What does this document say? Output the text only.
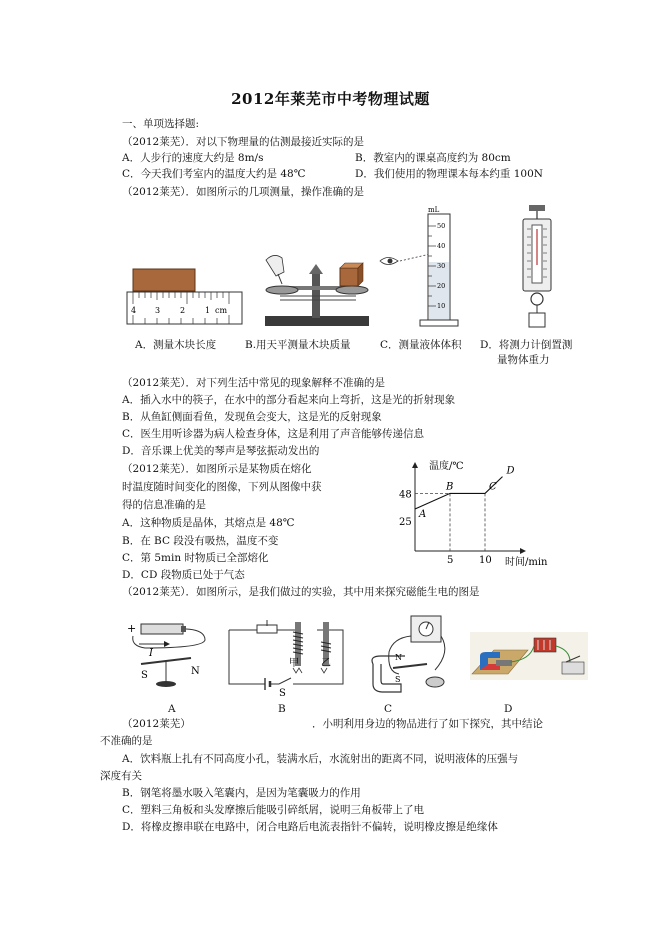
2012年莱芜市中考物理试题
一、单项选择题:
（2012莱芜）．对以下物理量的估测最接近实际的是
A．人步行的速度大约是 8m/s	B．教室内的课桌高度约为 80cm
C．今天我们考室内的温度大约是 48℃	D．我们使用的物理课本每本约重 100N
（2012莱芜）．如图所示的几项测量，操作准确的是
4 3 2 1 cm
mL
50
40
30
20
10
A．测量木块长度	B.用天平测量木块质量	C．测量液体体积 D．将测力计倒置测
量物体重力
（2012莱芜）．对下列生活中常见的现象解释不准确的是
A．插入水中的筷子，在水中的部分看起来向上弯折，这是光的折射现象
B．从鱼缸侧面看鱼，发现鱼会变大，这是光的反射现象
C．医生用听诊器为病人检查身体，这是利用了声音能够传递信息
D．音乐课上优美的琴声是琴弦振动发出的
（2012莱芜）．如图所示是某物质在熔化
时温度随时间变化的图像，下列从图像中获
得的信息准确的是
A．这种物质是晶体，其熔点是 48℃
B．在 BC 段没有吸热，温度不变
C．第 5min 时物质已全部熔化
D．CD 段物质已处于气态
温度/℃
时间/min
A
B	C
D
48
25
5	10
（2012莱芜）．如图所示，是我们做过的实验，其中用来探究磁能生电的图是
+
I
S	N
甲 乙
S
N
S
A	B	C	D
（2012莱芜）	．小明利用身边的物品进行了如下探究，其中结论
不准确的是
A．饮料瓶上扎有不同高度小孔，装满水后，水流射出的距离不同，说明液体的压强与
深度有关
B．钢笔将墨水吸入笔囊内，是因为笔囊吸力的作用
C．塑料三角板和头发摩擦后能吸引碎纸屑，说明三角板带上了电
D．将橡皮擦串联在电路中，闭合电路后电流表指针不偏转，说明橡皮擦是绝缘体
